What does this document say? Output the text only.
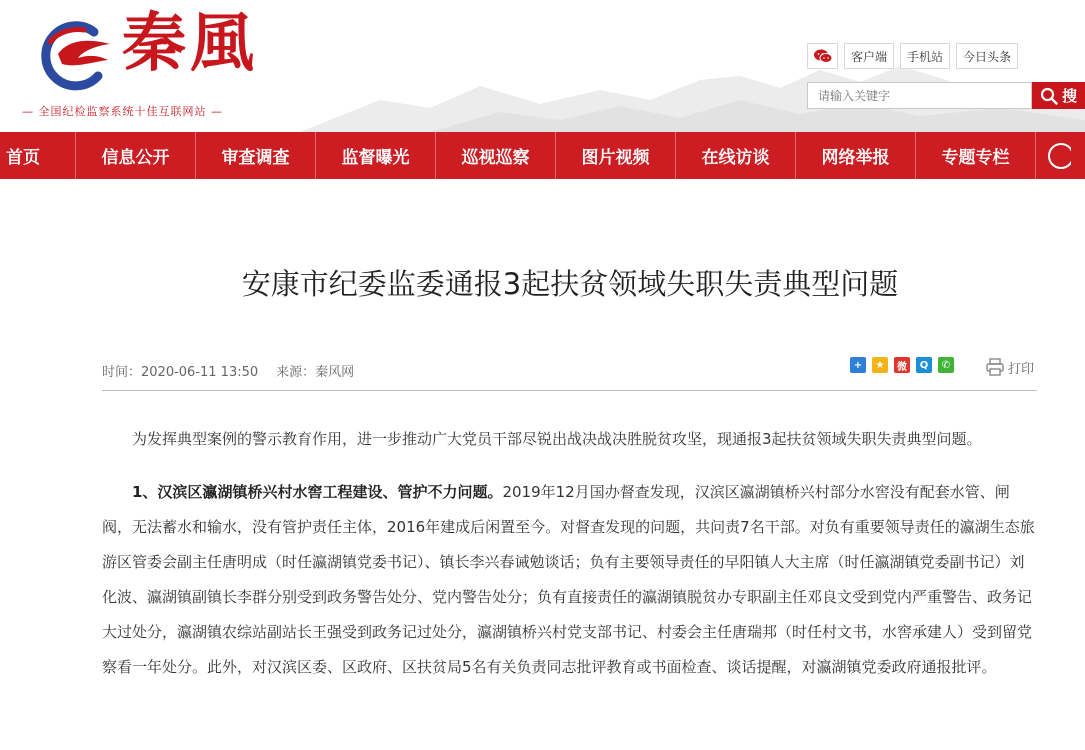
秦風
— 全国纪检监察系统十佳互联网站 —
客户端	手机站	今日头条
请输入关键字
搜
首页	信息公开	审查调查	监督曝光	巡视巡察	图片视频	在线访谈	网络举报	专题专栏
安康市纪委监委通报3起扶贫领域失职失责典型问题
时间：2020-06-11 13:50 来源：秦风网	+	★	微	Q	✆	打印

为发挥典型案例的警示教育作用，进一步推动广大党员干部尽锐出战决战决胜脱贫攻坚，现通报3起扶贫领域失职失责典型问题。

1、汉滨区瀛湖镇桥兴村水窖工程建设、管护不力问题。2019年12月国办督查发现，汉滨区瀛湖镇桥兴村部分水窖没有配套水管、闸阀，无法蓄水和输水，没有管护责任主体，2016年建成后闲置至今。对督查发现的问题，共问责7名干部。对负有重要领导责任的瀛湖生态旅游区管委会副主任唐明成（时任瀛湖镇党委书记）、镇长李兴春诫勉谈话；负有主要领导责任的早阳镇人大主席（时任瀛湖镇党委副书记）刘化波、瀛湖镇副镇长李群分别受到政务警告处分、党内警告处分；负有直接责任的瀛湖镇脱贫办专职副主任邓良文受到党内严重警告、政务记大过处分，瀛湖镇农综站副站长王强受到政务记过处分，瀛湖镇桥兴村党支部书记、村委会主任唐瑞邦（时任村文书，水窖承建人）受到留党察看一年处分。此外，对汉滨区委、区政府、区扶贫局5名有关负责同志批评教育或书面检查、谈话提醒，对瀛湖镇党委政府通报批评。
